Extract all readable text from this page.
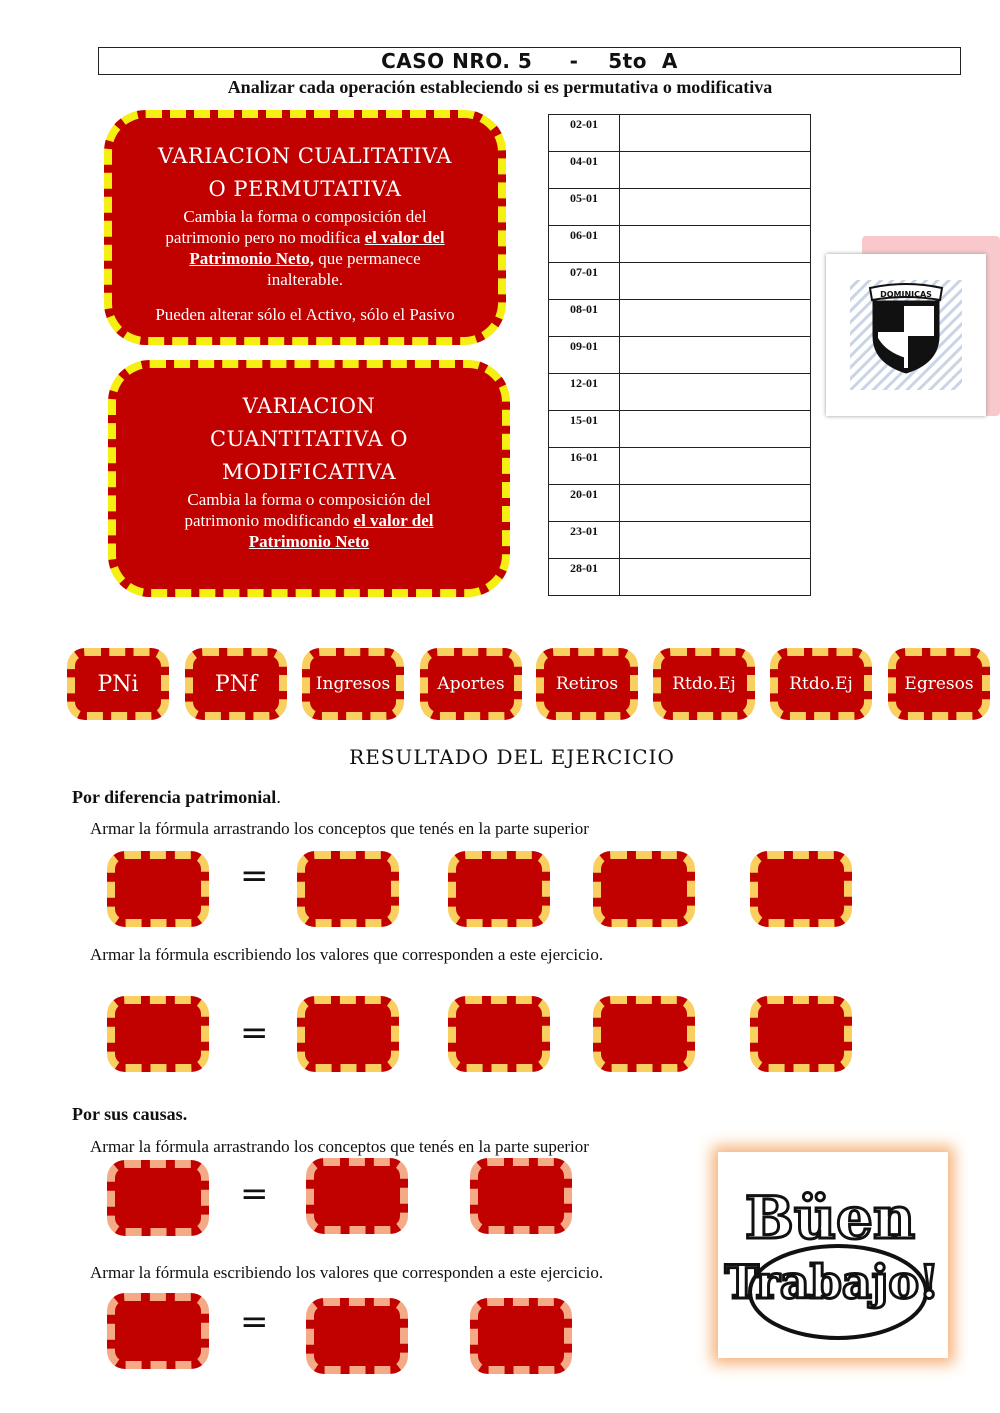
CASO NRO. 5     -    5to  A
Analizar cada operación estableciendo si es permutativa o modificativa
VARIACION CUALITATIVA
O PERMUTATIVA
Cambia la forma o composición del patrimonio pero no modifica el valor del Patrimonio Neto, que permanece inalterable.
Pueden alterar sólo el Activo, sólo el Pasivo
VARIACION
CUANTITATIVA O
MODIFICATIVA
Cambia la forma o composición del patrimonio modificando el valor del Patrimonio Neto
02-01	
04-01	
05-01	
06-01	
07-01	
08-01	
09-01	
12-01	
15-01	
16-01	
20-01	
23-01	
28-01	
DOMINICAS
PNi	PNf	Ingresos	Aportes	Retiros	Rtdo.Ej	Rtdo.Ej	Egresos
RESULTADO DEL EJERCICIO
Por diferencia patrimonial.
Armar la fórmula arrastrando los conceptos que tenés en la parte superior
=
Armar la fórmula escribiendo los valores que corresponden a este ejercicio.
=
Por sus causas.
Armar la fórmula arrastrando los conceptos que tenés en la parte superior
=
Armar la fórmula escribiendo los valores que corresponden a este ejercicio.
=
Büen
Trabajo!
